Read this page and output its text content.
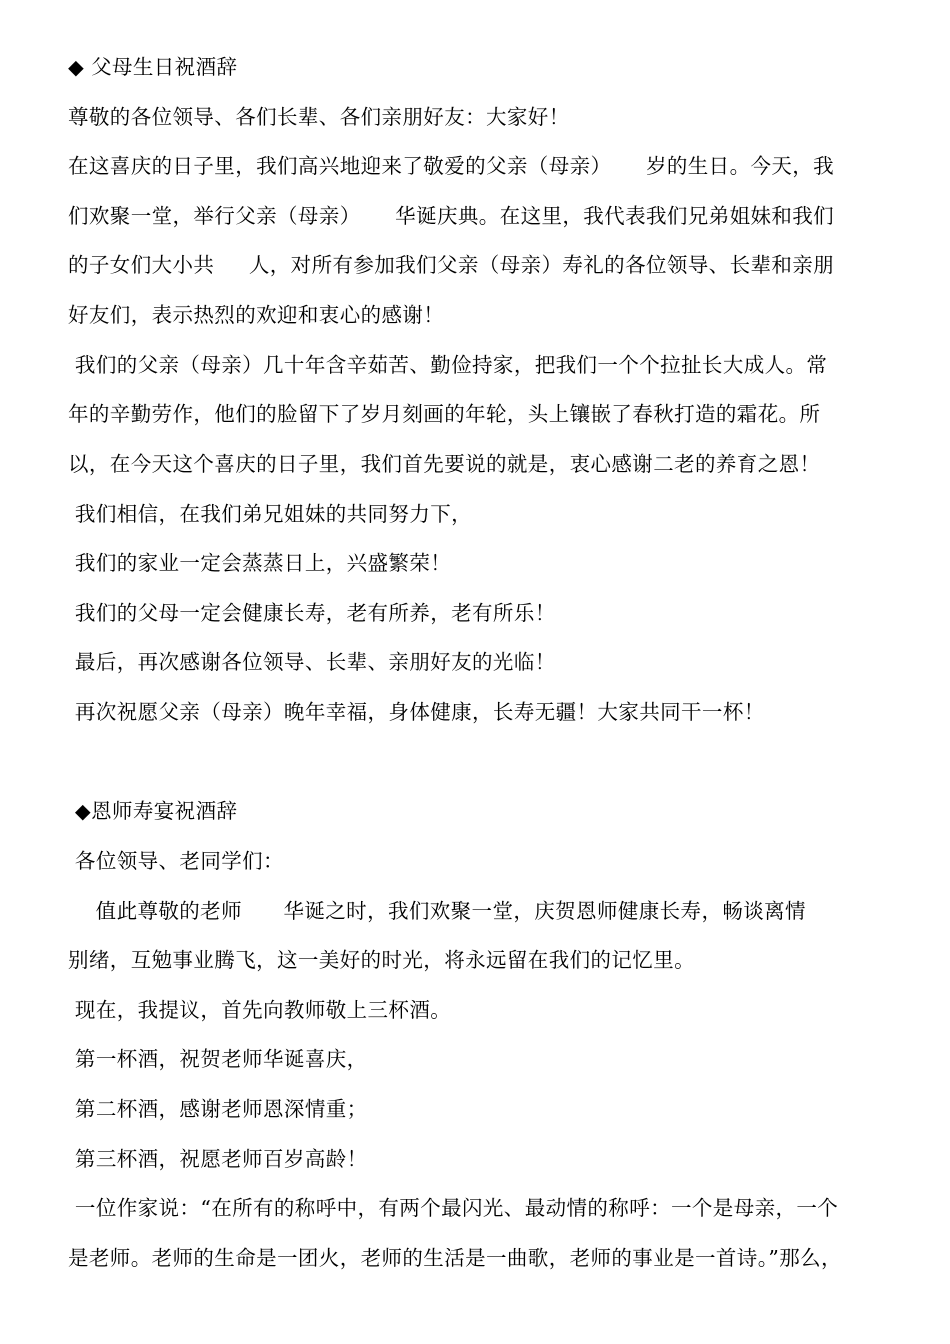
◆ 父母生日祝酒辞
尊敬的各位领导、各们长辈、各们亲朋好友：大家好！
在这喜庆的日子里，我们高兴地迎来了敬爱的父亲（母亲）     岁的生日。今天，我
们欢聚一堂，举行父亲（母亲）     华诞庆典。在这里，我代表我们兄弟姐妹和我们
的子女们大小共     人，对所有参加我们父亲（母亲）寿礼的各位领导、长辈和亲朋
好友们，表示热烈的欢迎和衷心的感谢！
我们的父亲（母亲）几十年含辛茹苦、勤俭持家，把我们一个个拉扯长大成人。常
年的辛勤劳作，他们的脸留下了岁月刻画的年轮，头上镶嵌了春秋打造的霜花。所
以，在今天这个喜庆的日子里，我们首先要说的就是，衷心感谢二老的养育之恩！
我们相信，在我们弟兄姐妹的共同努力下，
我们的家业一定会蒸蒸日上，兴盛繁荣！
我们的父母一定会健康长寿，老有所养，老有所乐！
最后，再次感谢各位领导、长辈、亲朋好友的光临！
再次祝愿父亲（母亲）晚年幸福，身体健康，长寿无疆！大家共同干一杯！
◆恩师寿宴祝酒辞
各位领导、老同学们：
值此尊敬的老师      华诞之时，我们欢聚一堂，庆贺恩师健康长寿，畅谈离情
别绪，互勉事业腾飞，这一美好的时光，将永远留在我们的记忆里。
现在，我提议，首先向教师敬上三杯酒。
第一杯酒，祝贺老师华诞喜庆，
第二杯酒，感谢老师恩深情重；
第三杯酒，祝愿老师百岁高龄！
一位作家说：“在所有的称呼中，有两个最闪光、最动情的称呼：一个是母亲，一个
是老师。老师的生命是一团火，老师的生活是一曲歌，老师的事业是一首诗。”那么，
